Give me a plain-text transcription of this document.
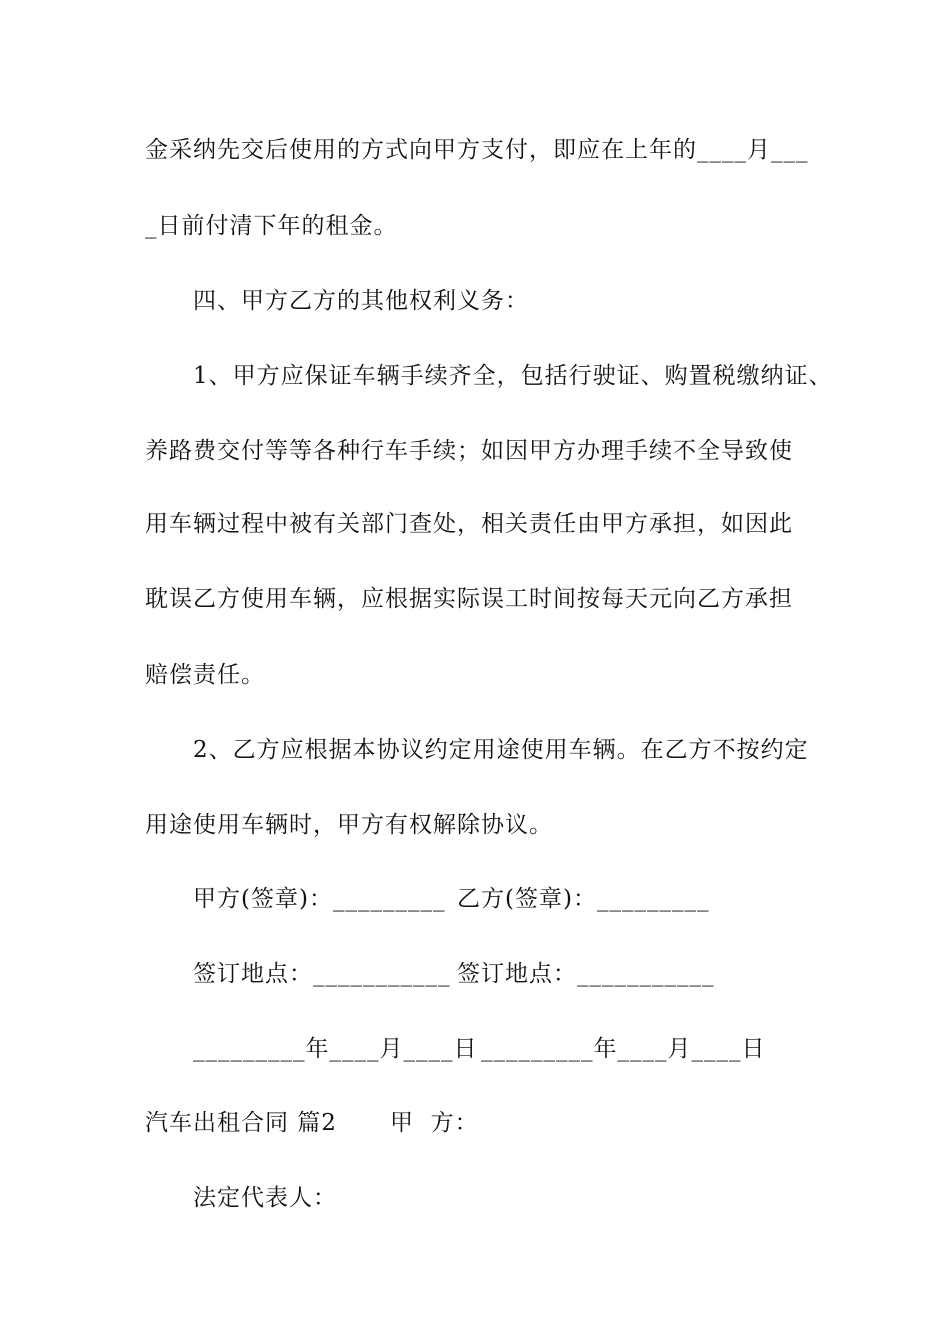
金采纳先交后使用的方式向甲方支付，即应在上年的____月___
_日前付清下年的租金。
四、甲方乙方的其他权利义务：
1、甲方应保证车辆手续齐全，包括行驶证、购置税缴纳证、
养路费交付等等各种行车手续；如因甲方办理手续不全导致使
用车辆过程中被有关部门查处，相关责任由甲方承担，如因此
耽误乙方使用车辆，应根据实际误工时间按每天元向乙方承担
赔偿责任。
2、乙方应根据本协议约定用途使用车辆。在乙方不按约定
用途使用车辆时，甲方有权解除协议。
甲方(签章)：_________ 乙方(签章)：_________
签订地点：___________ 签订地点：___________
_________年____月____日 _________年____月____日
汽车出租合同 篇2 甲  方：
法定代表人：
